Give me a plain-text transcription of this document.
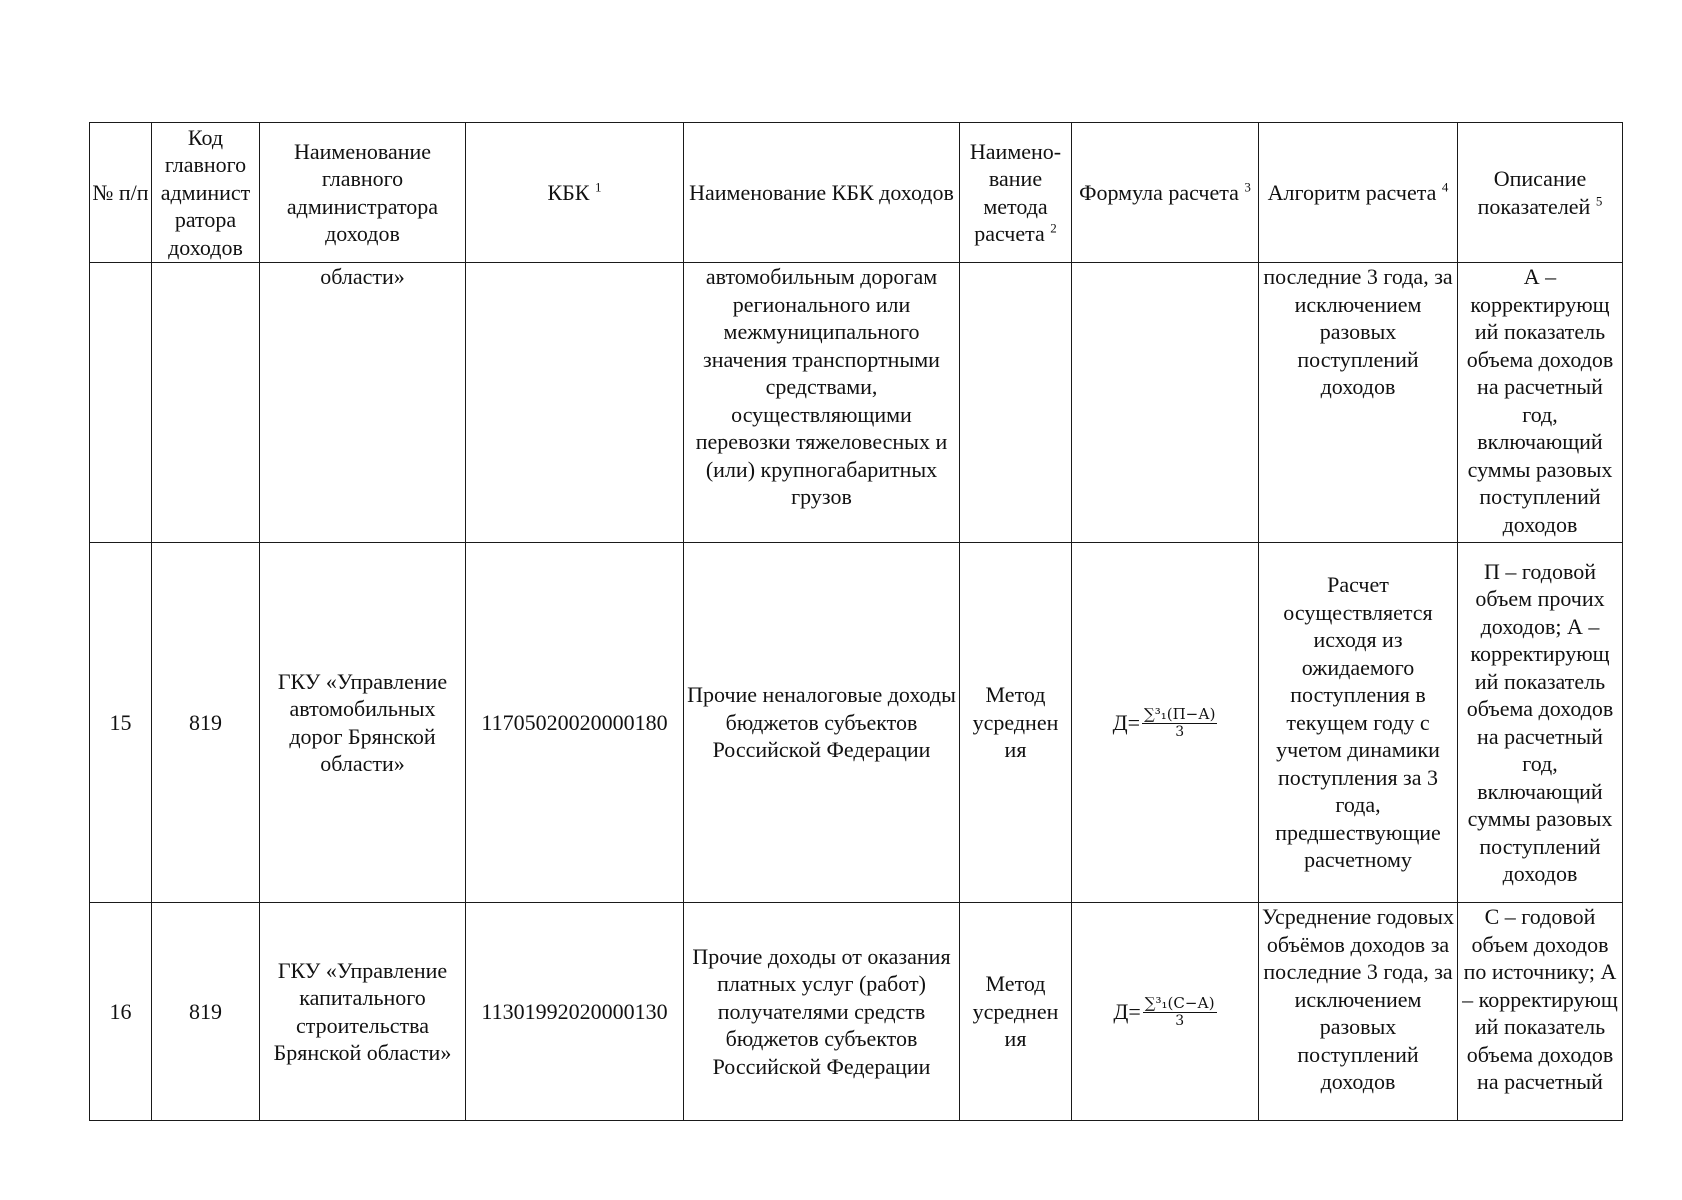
№ п/п	Код главного админист ратора доходов	Наименование главного администратора доходов	КБК $^1$	Наименование КБК доходов	Наимено- вание метода расчета $^2$	Формула расчета $^3$	Алгоритм расчета $^4$	Описание показателей $^5$
		области»		автомобильным дорогам регионального или межмуниципального значения транспортными средствами, осуществляющими перевозки тяжеловесных и (или) крупногабаритных грузов			последние 3 года, за исключением разовых поступлений доходов	А – корректирующ ий показатель объема доходов на расчетный год, включающий суммы разовых поступлений доходов
15	819	ГКУ «Управление автомобильных дорог Брянской области»	11705020020000180	Прочие неналоговые доходы бюджетов субъектов Российской Федерации	Метод усреднен ия	$Д= \frac{\text{∑³₁(П−А)}}{3}$	Расчет осуществляется исходя из ожидаемого поступления в текущем году с учетом динамики поступления за 3 года, предшествующие расчетному	П – годовой объем прочих доходов; А – корректирующ ий показатель объема доходов на расчетный год, включающий суммы разовых поступлений доходов
16	819	ГКУ «Управление капитального строительства Брянской области»	11301992020000130	Прочие доходы от оказания платных услуг (работ) получателями средств бюджетов субъектов Российской Федерации	Метод усреднен ия	$Д= \frac{\text{∑³₁(С−А)}}{3}$	Усреднение годовых объёмов доходов за последние 3 года, за исключением разовых поступлений доходов	С – годовой объем доходов по источнику; А – корректирующ ий показатель объема доходов на расчетный
